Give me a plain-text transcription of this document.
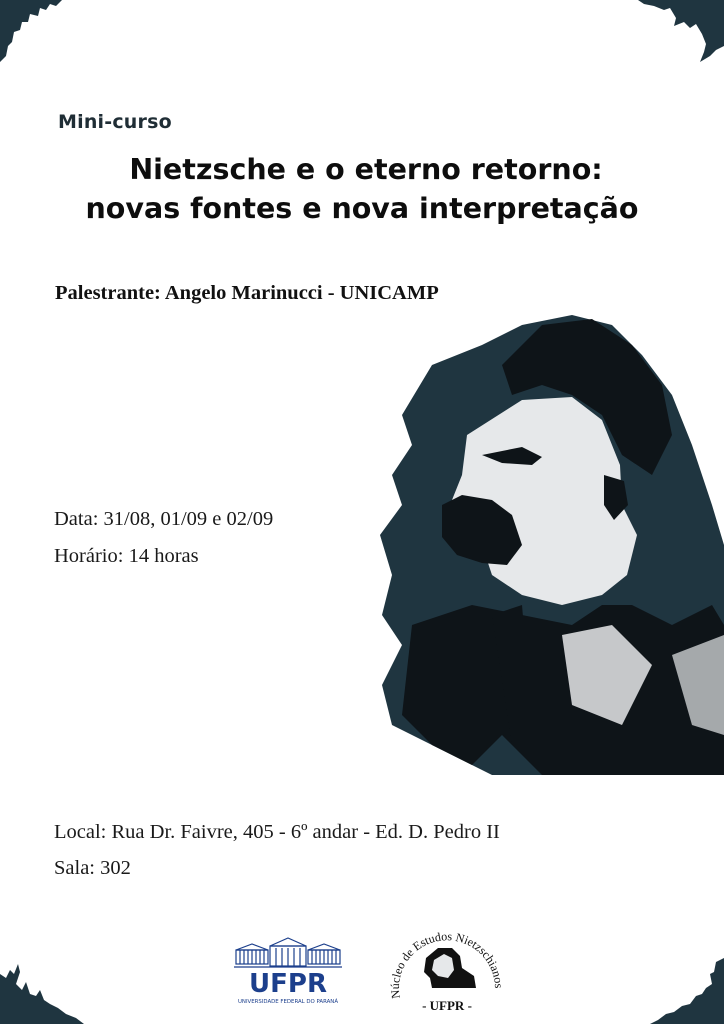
Mini-curso
Nietzsche e o eterno retorno:
novas fontes e nova interpretação
Palestrante: Angelo Marinucci - UNICAMP
Data: 31/08, 01/09 e 02/09
Horário: 14 horas
Local: Rua Dr. Faivre, 405 - 6º andar - Ed. D. Pedro II
Sala: 302
UFPR
UNIVERSIDADE FEDERAL DO PARANÁ
Núcleo de Estudos Nietzschianos
- UFPR -
